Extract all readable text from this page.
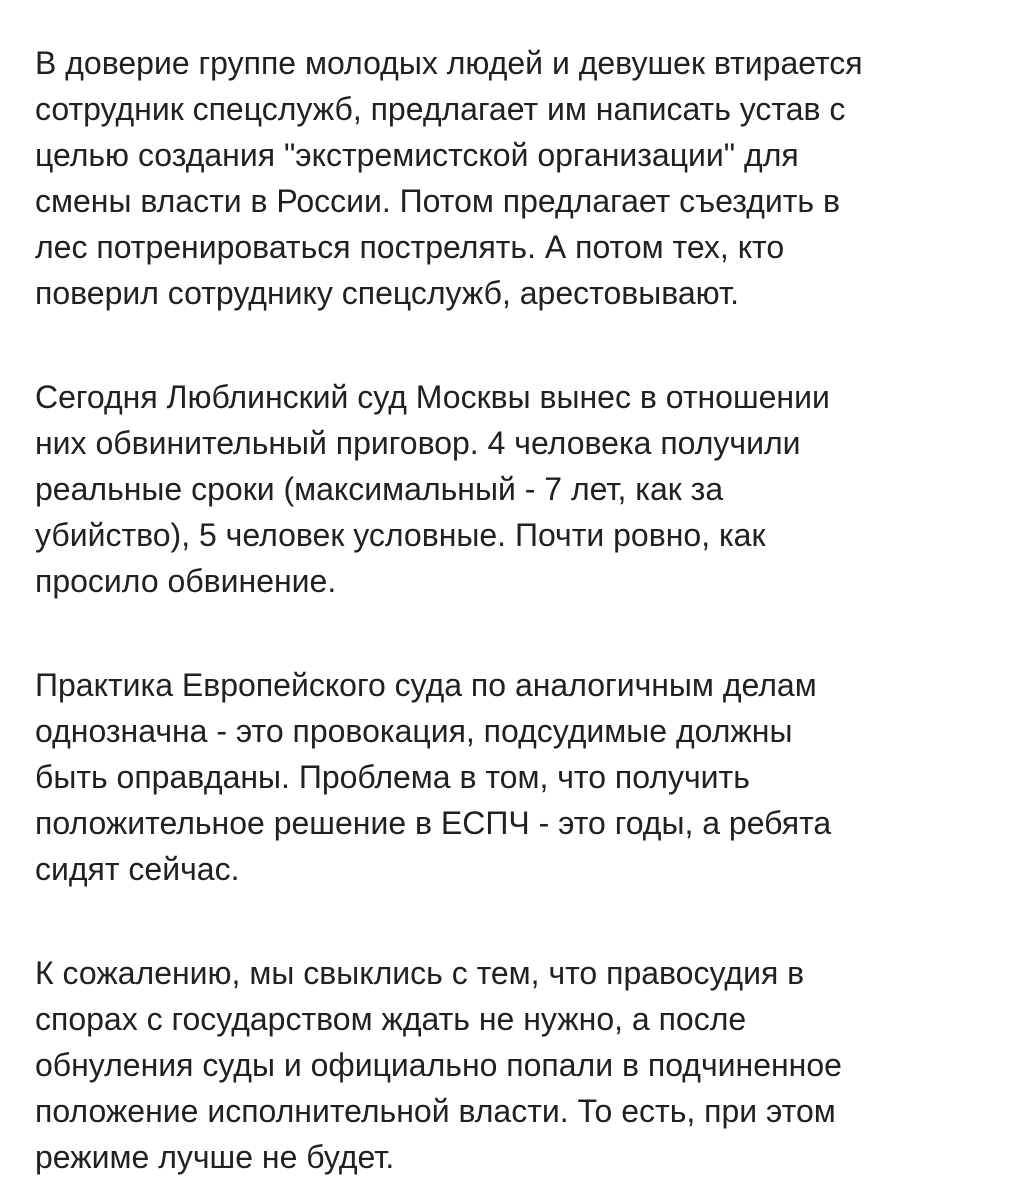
В доверие группе молодых людей и девушек втирается
сотрудник спецслужб, предлагает им написать устав с
целью создания "экстремистской организации" для
смены власти в России. Потом предлагает съездить в
лес потренироваться пострелять. А потом тех, кто
поверил сотруднику спецслужб, арестовывают.

Сегодня Люблинский суд Москвы вынес в отношении
них обвинительный приговор. 4 человека получили
реальные сроки (максимальный - 7 лет, как за
убийство), 5 человек условные. Почти ровно, как
просило обвинение.

Практика Европейского суда по аналогичным делам
однозначна - это провокация, подсудимые должны
быть оправданы. Проблема в том, что получить
положительное решение в ЕСПЧ - это годы, а ребята
сидят сейчас.

К сожалению, мы свыклись с тем, что правосудия в
спорах с государством ждать не нужно, а после
обнуления суды и официально попали в подчиненное
положение исполнительной власти. То есть, при этом
режиме лучше не будет.
